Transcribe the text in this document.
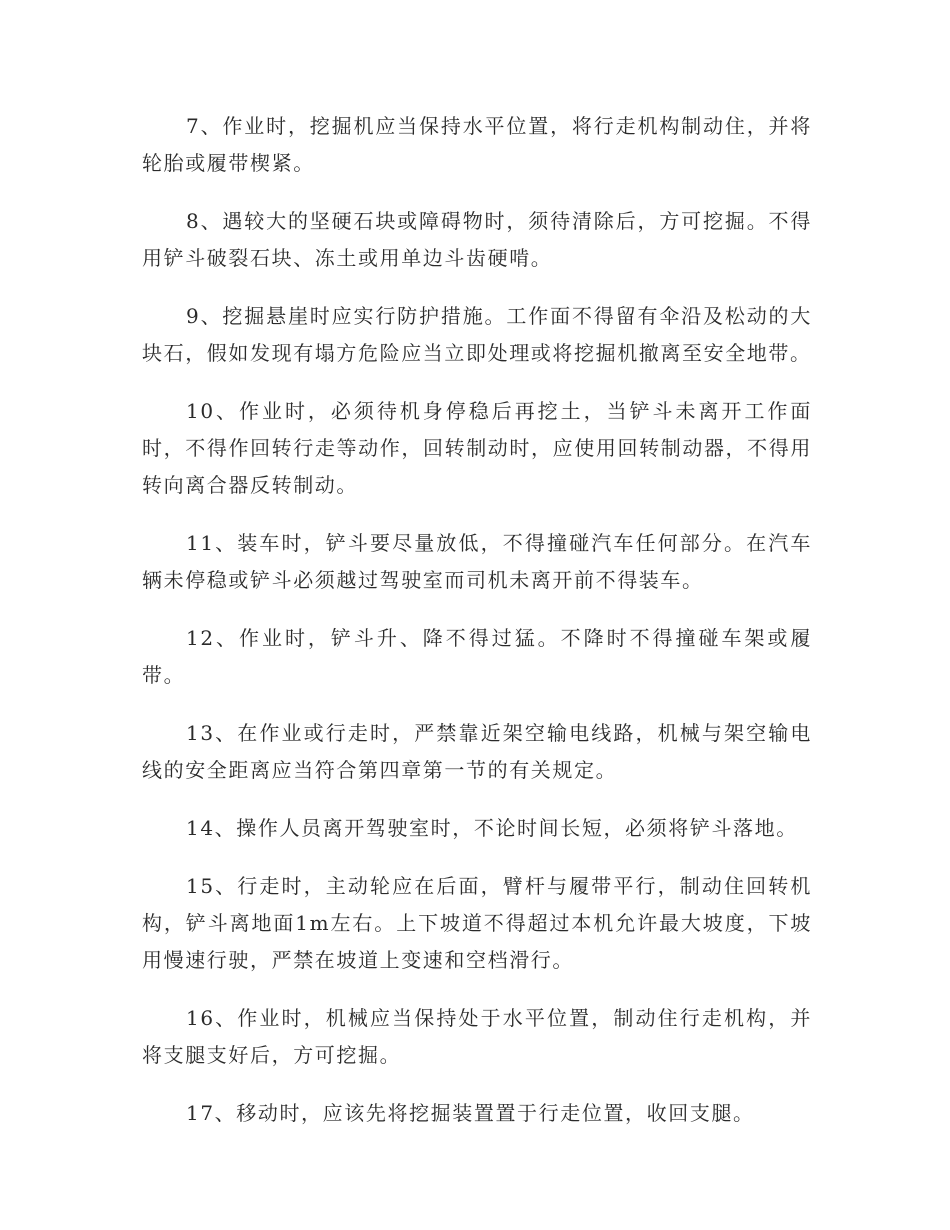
7、作业时，挖掘机应当保持水平位置，将行走机构制动住，并将轮胎或履带楔紧。

8、遇较大的坚硬石块或障碍物时，须待清除后，方可挖掘。不得用铲斗破裂石块、冻土或用单边斗齿硬啃。

9、挖掘悬崖时应实行防护措施。工作面不得留有伞沿及松动的大块石，假如发现有塌方危险应当立即处理或将挖掘机撤离至安全地带。

10、作业时，必须待机身停稳后再挖土，当铲斗未离开工作面时，不得作回转行走等动作，回转制动时，应使用回转制动器，不得用转向离合器反转制动。

11、装车时，铲斗要尽量放低，不得撞碰汽车任何部分。在汽车辆未停稳或铲斗必须越过驾驶室而司机未离开前不得装车。

12、作业时，铲斗升、降不得过猛。不降时不得撞碰车架或履带。

13、在作业或行走时，严禁靠近架空输电线路，机械与架空输电线的安全距离应当符合第四章第一节的有关规定。

14、操作人员离开驾驶室时，不论时间长短，必须将铲斗落地。

15、行走时，主动轮应在后面，臂杆与履带平行，制动住回转机构，铲斗离地面1m左右。上下坡道不得超过本机允许最大坡度，下坡用慢速行驶，严禁在坡道上变速和空档滑行。

16、作业时，机械应当保持处于水平位置，制动住行走机构，并将支腿支好后，方可挖掘。

17、移动时，应该先将挖掘装置置于行走位置，收回支腿。
